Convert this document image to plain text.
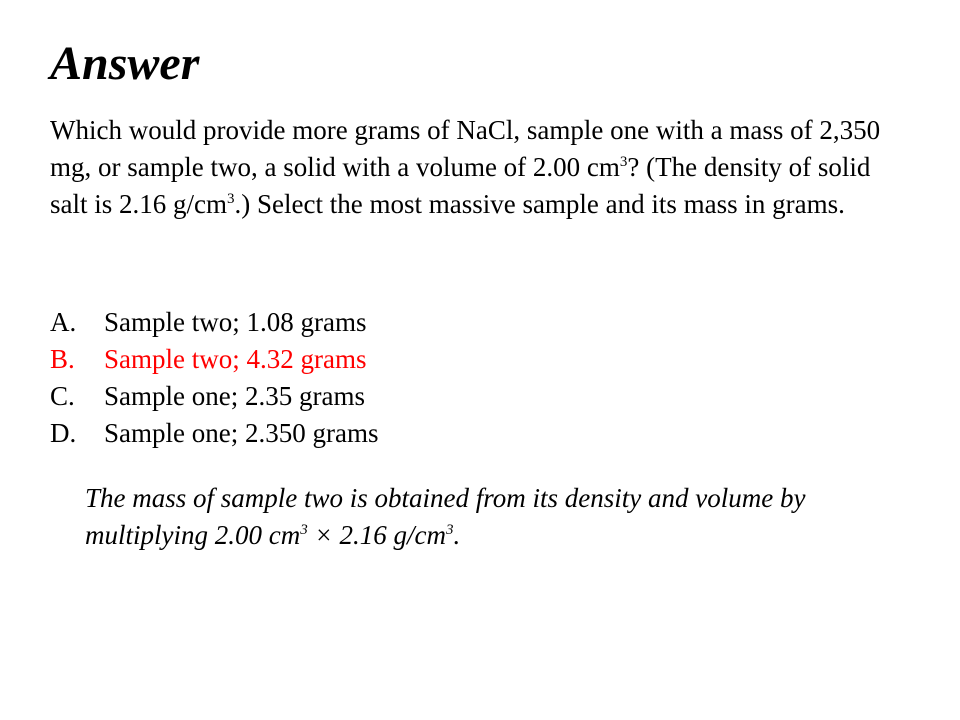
Answer
Which would provide more grams of NaCl, sample one with a mass of 2,350 mg, or sample two, a solid with a volume of 2.00 $cm^3$? (The density of solid salt is 2.16 $g/cm^3$.) Select the most massive sample and its mass in grams.
A. Sample two; 1.08 grams
B. Sample two; 4.32 grams
C. Sample one; 2.35 grams
D. Sample one; 2.350 grams
The mass of sample two is obtained from its density and volume by multiplying 2.00 $cm^3 \times 2.16$ $g/cm^3$.
